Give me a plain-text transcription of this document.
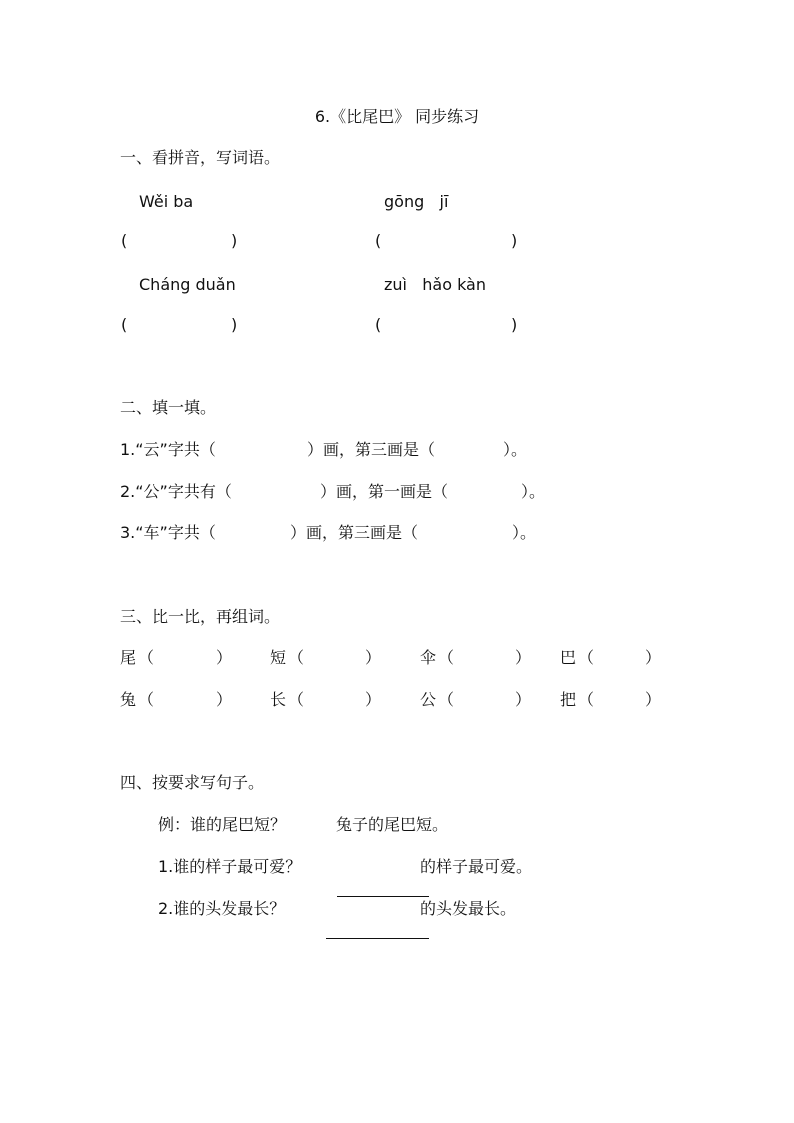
6.《比尾巴》 同步练习
一、看拼音，写词语。
Wěi ba	gōng   jī
(	)	(	)
Cháng duǎn	zuì   hǎo kàn
(	)	(	)
二、填一填。
1.“云”字共（	）画，第三画是（	）。
2.“公”字共有（	）画，第一画是（	）。
3.“车”字共（	）画，第三画是（	）。
三、比一比，再组词。
尾 （	） 短 （	） 伞 （	） 巴 （	）
兔 （	） 长 （	） 公 （	） 把 （	）
四、按要求写句子。
例：谁的尾巴短？	兔子的尾巴短。
1.谁的样子最可爱？

	的样子最可爱。
2.谁的头发最长？

	的头发最长。
